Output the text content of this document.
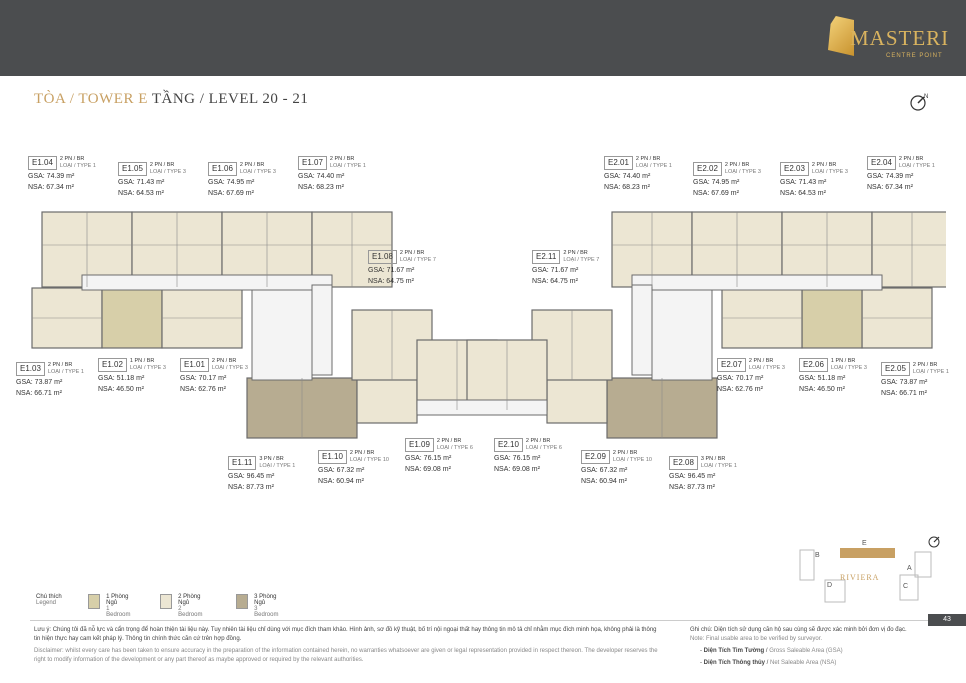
MASTERI
CENTRE POINT
TÒA / TOWER E TẦNG / LEVEL 20 - 21	N
E1.04	2 PN / BR
LOẠI / TYPE 1
GSA: 74.39 m²
NSA: 67.34 m²
E1.05	2 PN / BR
LOẠI / TYPE 3
GSA: 71.43 m²
NSA: 64.53 m²
E1.06	2 PN / BR
LOẠI / TYPE 3
GSA: 74.95 m²
NSA: 67.69 m²
E1.07	2 PN / BR
LOẠI / TYPE 1
GSA: 74.40 m²
NSA: 68.23 m²
E1.08	2 PN / BR
LOẠI / TYPE 7
GSA: 71.67 m²
NSA: 64.75 m²
E2.11	2 PN / BR
LOẠI / TYPE 7
GSA: 71.67 m²
NSA: 64.75 m²
E2.01	2 PN / BR
LOẠI / TYPE 1
GSA: 74.40 m²
NSA: 68.23 m²
E2.02	2 PN / BR
LOẠI / TYPE 3
GSA: 74.95 m²
NSA: 67.69 m²
E2.03	2 PN / BR
LOẠI / TYPE 3
GSA: 71.43 m²
NSA: 64.53 m²
E2.04	2 PN / BR
LOẠI / TYPE 1
GSA: 74.39 m²
NSA: 67.34 m²
E1.03	2 PN / BR
LOẠI / TYPE 1
GSA: 73.87 m²
NSA: 66.71 m²
E1.02	1 PN / BR
LOẠI / TYPE 3
GSA: 51.18 m²
NSA: 46.50 m²
E1.01	2 PN / BR
LOẠI / TYPE 3
GSA: 70.17 m²
NSA: 62.76 m²
E2.07	2 PN / BR
LOẠI / TYPE 3
GSA: 70.17 m²
NSA: 62.76 m²
E2.06	1 PN / BR
LOẠI / TYPE 3
GSA: 51.18 m²
NSA: 46.50 m²
E2.05	2 PN / BR
LOẠI / TYPE 1
GSA: 73.87 m²
NSA: 66.71 m²
E1.09	2 PN / BR
LOẠI / TYPE 6
GSA: 76.15 m²
NSA: 69.08 m²
E2.10	2 PN / BR
LOẠI / TYPE 6
GSA: 76.15 m²
NSA: 69.08 m²
E1.10	2 PN / BR
LOẠI / TYPE 10
GSA: 67.32 m²
NSA: 60.94 m²
E2.09	2 PN / BR
LOẠI / TYPE 10
GSA: 67.32 m²
NSA: 60.94 m²
E1.11	3 PN / BR
LOẠI / TYPE 1
GSA: 96.45 m²
NSA: 87.73 m²
E2.08	3 PN / BR
LOẠI / TYPE 1
GSA: 96.45 m²
NSA: 87.73 m²
B
E
A
D	C
RIVIERA
Chú thích
Legend
1 Phòng Ngủ
1 Bedroom
2 Phòng Ngủ
2 Bedroom
3 Phòng Ngủ
3 Bedroom
43
Lưu ý: Chúng tôi đã nỗ lực và cẩn trọng để hoàn thiện tài liệu này. Tuy nhiên tài liệu chỉ dùng với mục đích tham khảo. Hình ảnh, sơ đồ kỹ thuật, bố trí nội ngoại thất hay thông tin mô tả chỉ nhằm mục đích minh họa, không phải là thông tin hiện thực hay cam kết pháp lý. Thông tin chính thức căn cứ trên hợp đồng.
Disclaimer: whilst every care has been taken to ensure accuracy in the preparation of the information contained herein, no warranties whatsoever are given or legal representation provided in respect thereon. The developer reserves the right to modify information of the development or any part thereof as maybe approved or required by the relevant authorities.
Ghi chú: Diện tích sử dụng căn hộ sau cùng sẽ được xác minh bởi đơn vị đo đạc.
Note: Final usable area to be verified by surveyor.
- Diện Tích Tim Tường / Gross Saleable Area (GSA)
- Diện Tích Thông thủy / Net Saleable Area (NSA)
